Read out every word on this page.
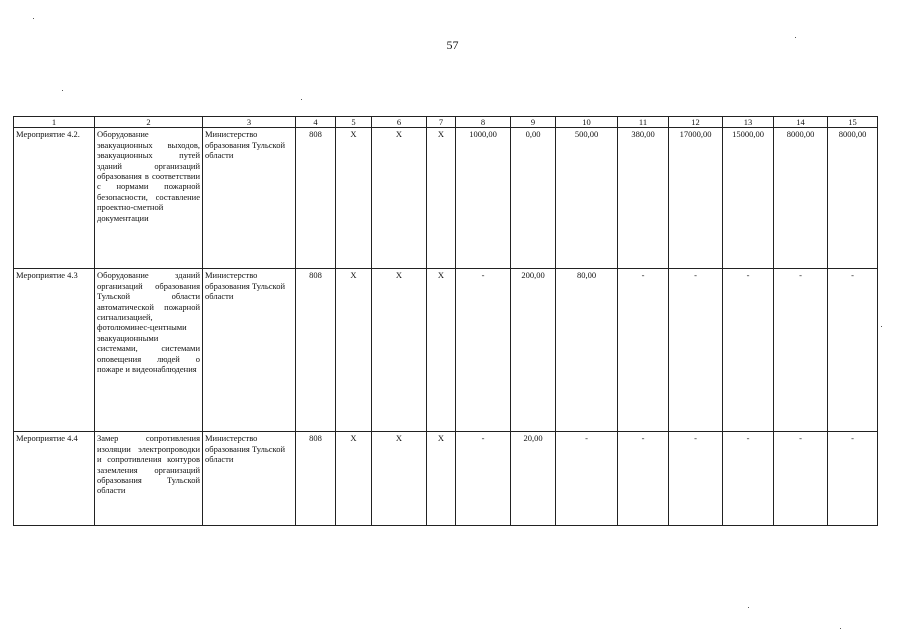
57
1	2	3	4	5	6	7	8	9	10	11	12	13	14	15
Мероприятие 4.2.	Оборудование эвакуационных выходов, эвакуационных путей зданий организаций образования в соответствии с нормами пожарной безопасности, составление проектно-сметной документации	Министерство образования Тульской области	808	X	X	X	1000,00	0,00	500,00	380,00	17000,00	15000,00	8000,00	8000,00
Мероприятие 4.3	Оборудование зданий организаций образования Тульской области автоматической пожарной сигнализацией, фотолюминес-центными эвакуационными системами, системами оповещения людей о пожаре и видеонаблюдения	Министерство образования Тульской области	808	X	X	X	-	200,00	80,00	-	-	-	-	-
Мероприятие 4.4	Замер сопротивления изоляции электропроводки и сопротивления контуров заземления организаций образования Тульской области	Министерство образования Тульской области	808	X	X	X	-	20,00	-	-	-	-	-	-
